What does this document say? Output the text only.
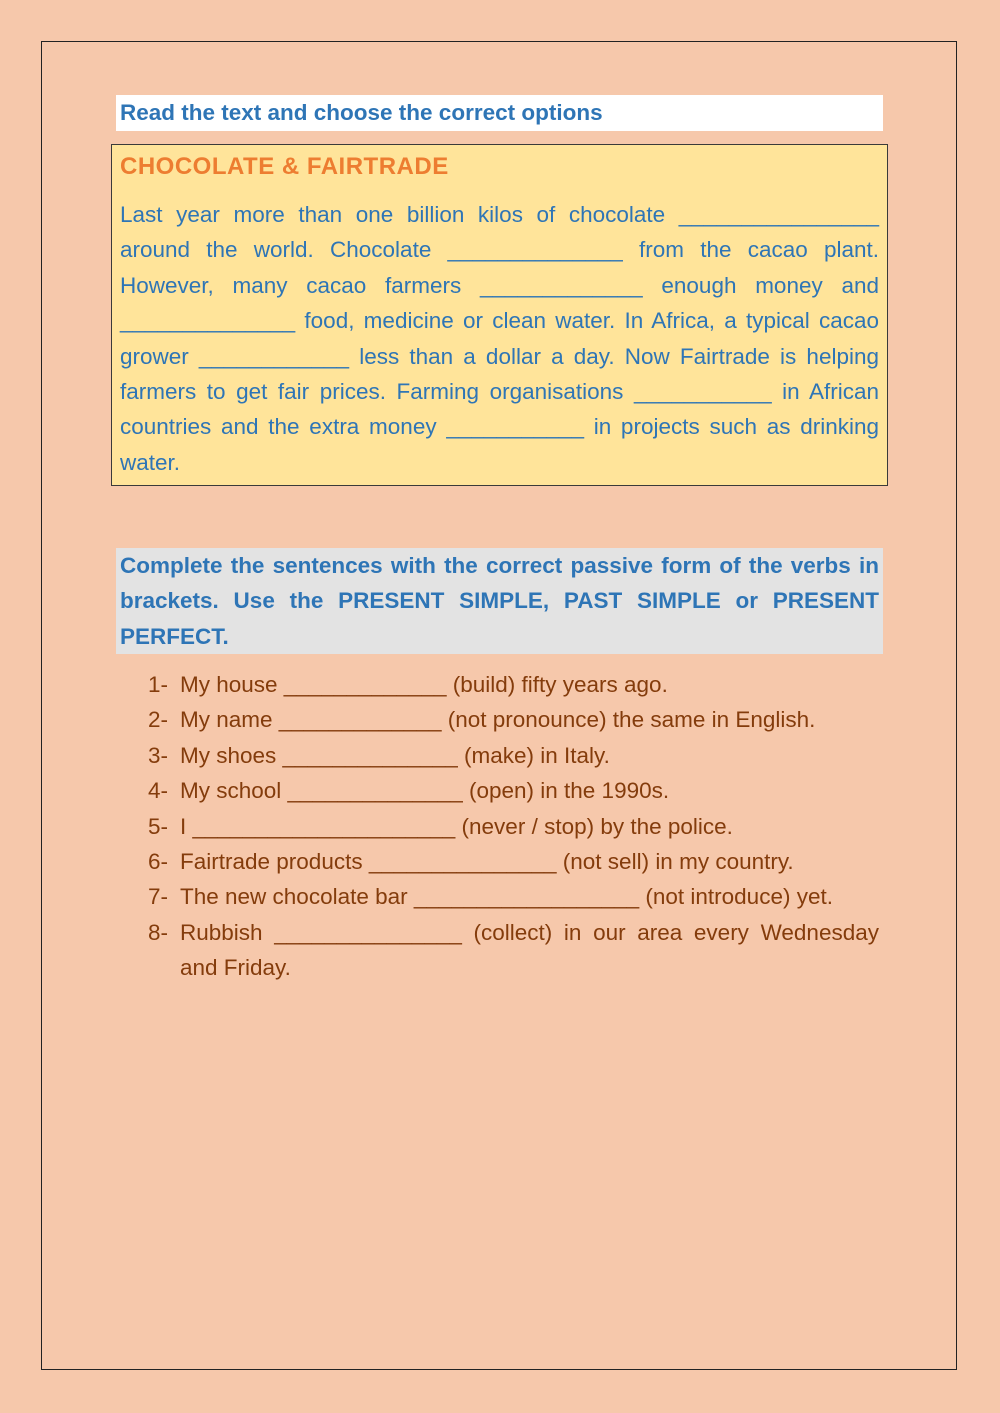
Read the text and choose the correct options
CHOCOLATE & FAIRTRADE

Last year more than one billion kilos of chocolate ________________ around the world. Chocolate ______________ from the cacao plant. However, many cacao farmers _____________ enough money and ______________ food, medicine or clean water. In Africa, a typical cacao grower ____________ less than a dollar a day. Now Fairtrade is helping farmers to get fair prices. Farming organisations ___________ in African countries and the extra money ___________ in projects such as drinking water.

Complete the sentences with the correct passive form of the verbs in brackets. Use the PRESENT SIMPLE, PAST SIMPLE or PRESENT PERFECT.
1- My house _____________ (build) fifty years ago.
2- My name _____________ (not pronounce) the same in English.
3- My shoes ______________ (make) in Italy.
4- My school ______________ (open) in the 1990s.
5- I _____________________ (never / stop) by the police.
6- Fairtrade products _______________ (not sell) in my country.
7- The new chocolate bar __________________ (not introduce) yet.
8- Rubbish _______________ (collect) in our area every Wednesday and Friday.
